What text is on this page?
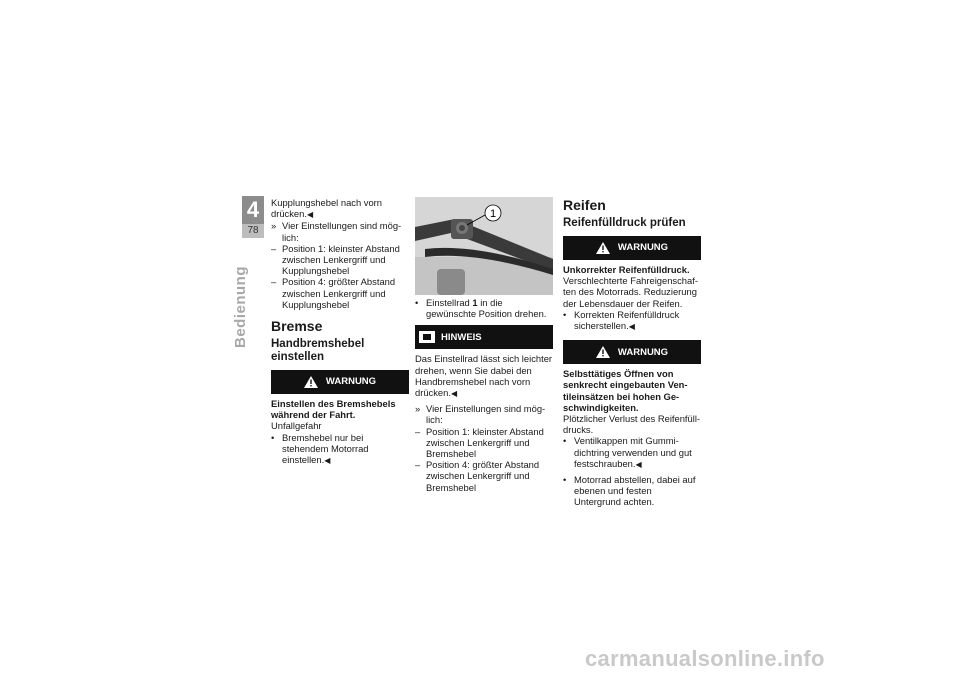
4
78
Bedienung

Kupplungshebel nach vorn drücken.◀

» Vier Einstellungen sind mög-lich:
– Position 1: kleinster Abstand zwischen Lenkergriff und Kupplungshebel
– Position 4: größter Abstand zwischen Lenkergriff und Kupplungshebel
Bremse
Handbremshebel einstellen
WARNUNG

Einstellen des Bremshebels während der Fahrt.

Unfallgefahr

• Bremshebel nur bei stehendem Motorrad einstellen.◀
1
• Einstellrad 1 in die gewünschte Position drehen.
HINWEIS

Das Einstellrad lässt sich leichter drehen, wenn Sie dabei den Handbremshebel nach vorn drücken.◀

» Vier Einstellungen sind mög-lich:
– Position 1: kleinster Abstand zwischen Lenkergriff und Bremshebel
– Position 4: größter Abstand zwischen Lenkergriff und Bremshebel
Reifen
Reifenfülldruck prüfen
WARNUNG

Unkorrekter Reifenfülldruck.

Verschlechterte Fahreigenschaf-ten des Motorrads. Reduzierung der Lebensdauer der Reifen.

• Korrekten Reifenfülldruck sicherstellen.◀
WARNUNG

Selbsttätiges Öffnen von senkrecht eingebauten Ven-tileinsätzen bei hohen Ge-schwindigkeiten.

Plötzlicher Verlust des Reifenfüll-drucks.

• Ventilkappen mit Gummi-dichtring verwenden und gut festschrauben.◀
• Motorrad abstellen, dabei auf ebenen und festen Untergrund achten.
carmanualsonline.info
